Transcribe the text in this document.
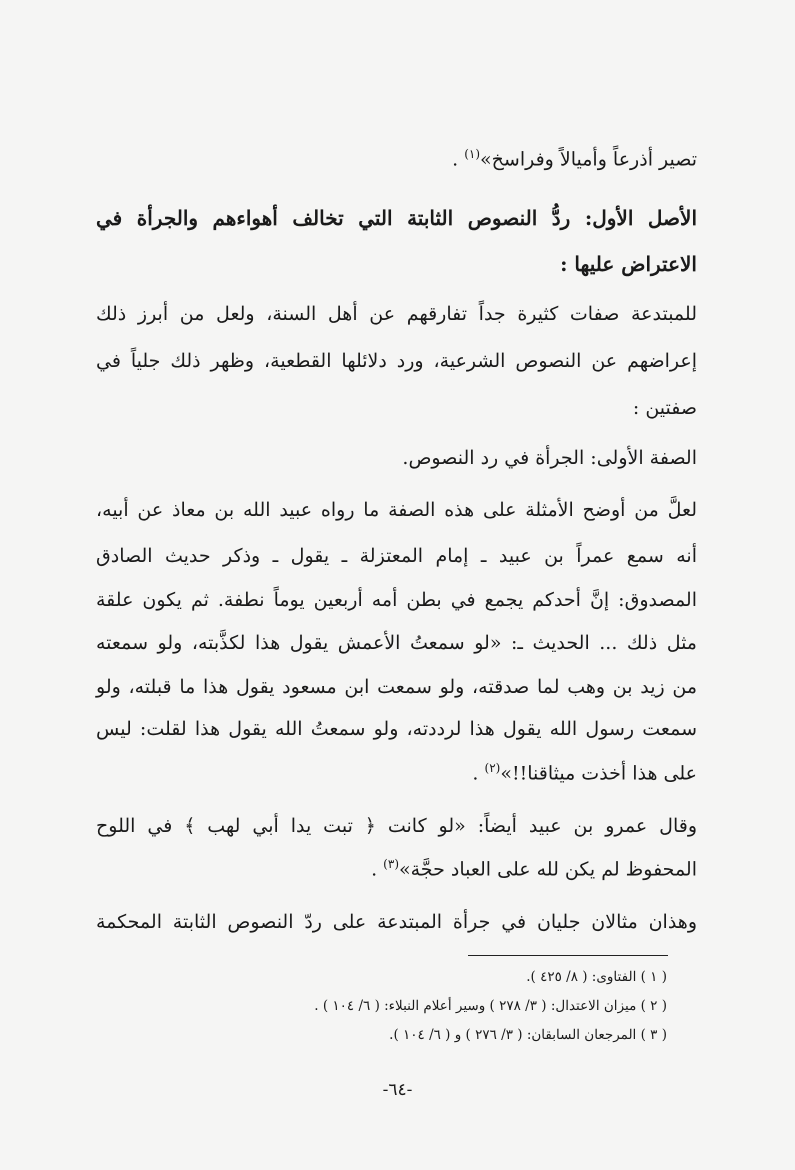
تصير أذرعاً وأميالاً وفراسخ»$^{(١)}$ .
الأصل الأول: ردُّ النصوص الثابتة التي تخالف أهواءهم والجرأة في
الاعتراض عليها :
للمبتدعة صفات كثيرة جداً تفارقهم عن أهل السنة، ولعل من أبرز ذلك
إعراضهم عن النصوص الشرعية، ورد دلائلها القطعية، وظهر ذلك جلياً في
صفتين :
الصفة الأولى: الجرأة في رد النصوص.
لعلَّ من أوضح الأمثلة على هذه الصفة ما رواه عبيد الله بن معاذ عن أبيه،
أنه سمع عمراً بن عبيد ـ إمام المعتزلة ـ يقول ـ وذكر حديث الصادق
المصدوق: إنَّ أحدكم يجمع في بطن أمه أربعين يوماً نطفة. ثم يكون علقة
مثل ذلك ... الحديث ـ: «لو سمعتُ الأعمش يقول هذا لكذَّبته، ولو سمعته
من زيد بن وهب لما صدقته، ولو سمعت ابن مسعود يقول هذا ما قبلته، ولو
سمعت رسول الله يقول هذا لرددته، ولو سمعتُ الله يقول هذا لقلت: ليس
على هذا أخذت ميثاقنا!!»$^{(٢)}$ .
وقال عمرو بن عبيد أيضاً: «لو كانت ﴿ تبت يدا أبي لهب ﴾ في اللوح
المحفوظ لم يكن لله على العباد حجَّة»$^{(٣)}$ .
وهذان مثالان جليان في جرأة المبتدعة على ردّ النصوص الثابتة المحكمة
( ١ ) الفتاوى: ( ٨/ ٤٢٥ ).
( ٢ ) ميزان الاعتدال: ( ٣/ ٢٧٨ ) وسير أعلام النبلاء: ( ٦/ ١٠٤ ) .
( ٣ ) المرجعان السابقان: ( ٣/ ٢٧٦ ) و ( ٦/ ١٠٤ ).
-٦٤-
